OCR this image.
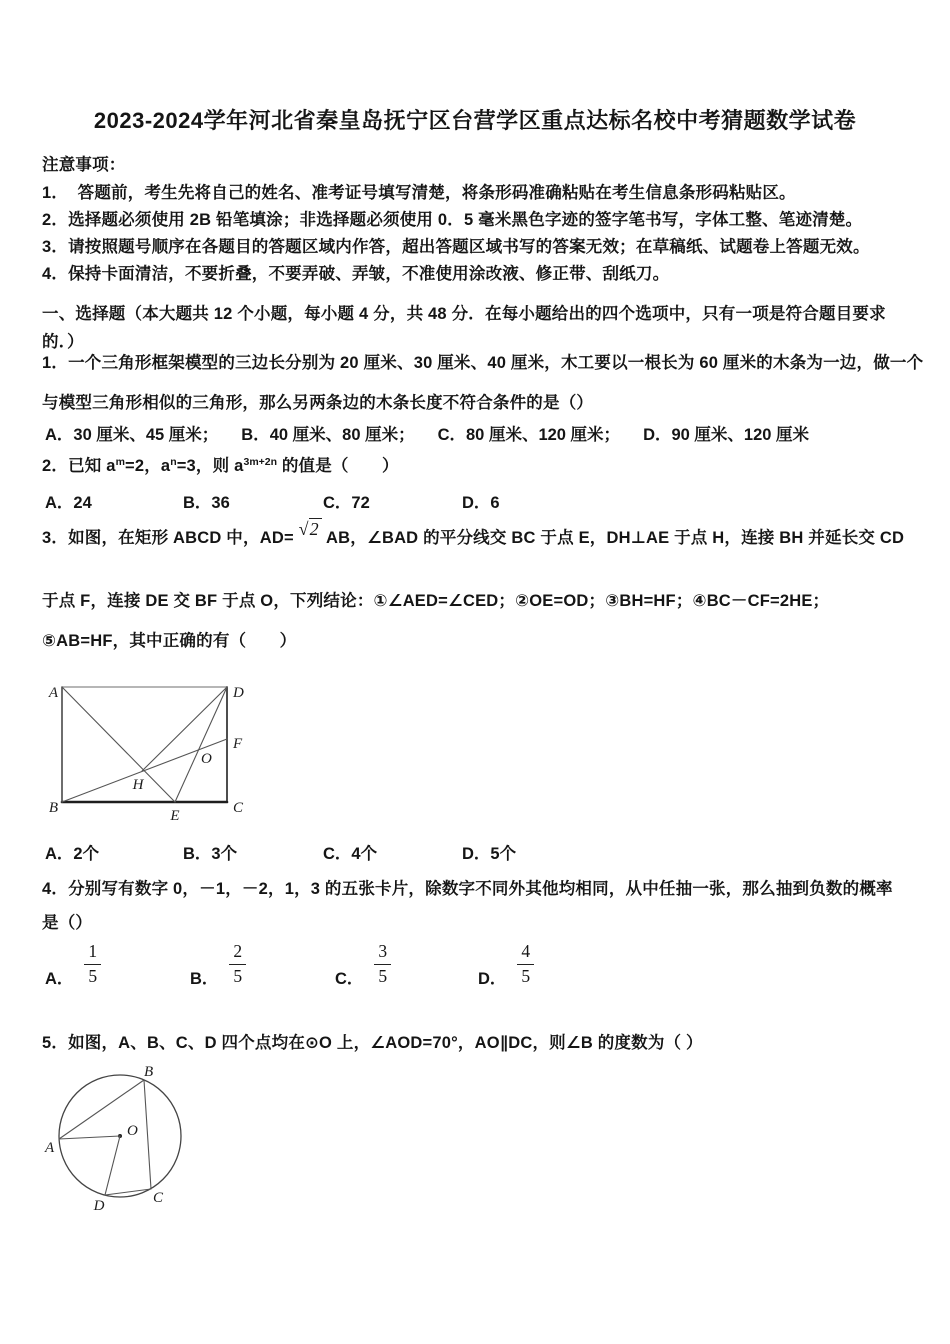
2023-2024学年河北省秦皇岛抚宁区台营学区重点达标名校中考猜题数学试卷
注意事项：
1．  答题前，考生先将自己的姓名、准考证号填写清楚，将条形码准确粘贴在考生信息条形码粘贴区。
2．选择题必须使用 2B 铅笔填涂；非选择题必须使用 0．5 毫米黑色字迹的签字笔书写，字体工整、笔迹清楚。
3．请按照题号顺序在各题目的答题区域内作答，超出答题区域书写的答案无效；在草稿纸、试题卷上答题无效。
4．保持卡面清洁，不要折叠，不要弄破、弄皱，不准使用涂改液、修正带、刮纸刀。
一、选择题（本大题共 12 个小题，每小题 4 分，共 48 分．在每小题给出的四个选项中，只有一项是符合题目要求
的．）
1．一个三角形框架模型的三边长分别为 20 厘米、30 厘米、40 厘米，木工要以一根长为 60 厘米的木条为一边，做一个
与模型三角形相似的三角形，那么另两条边的木条长度不符合条件的是（）
A．30 厘米、45 厘米； B．40 厘米、80 厘米； C．80 厘米、120 厘米； D．90 厘米、120 厘米
2．已知 $a^m=2$，$a^n=3$，则 $a^{3m+2n}$ 的值是（　　）
A．24	B．36	C．72	D．6
3．如图，在矩形 ABCD 中，AD= √2 AB，∠BAD 的平分线交 BC 于点 E，DH⊥AE 于点 H，连接 BH 并延长交 CD
于点 F，连接 DE 交 BF 于点 O，下列结论：①∠AED=∠CED；②OE=OD；③BH=HF；④BC－CF=2HE；
⑤AB=HF，其中正确的有（　　）
A	D
B	C
E
F
H
O
A．2个	B．3个	C．4个	D．5个
4．分别写有数字 0，－1，－2，1，3 的五张卡片，除数字不同外其他均相同，从中任抽一张，那么抽到负数的概率
是（）
A． $\frac{1}{5}$	B． $\frac{2}{5}$	C． $\frac{3}{5}$	D． $\frac{4}{5}$
5．如图，A、B、C、D 四个点均在⊙O 上，∠AOD=70°，AO∥DC，则∠B 的度数为（ ）
B
A
O
D	C
